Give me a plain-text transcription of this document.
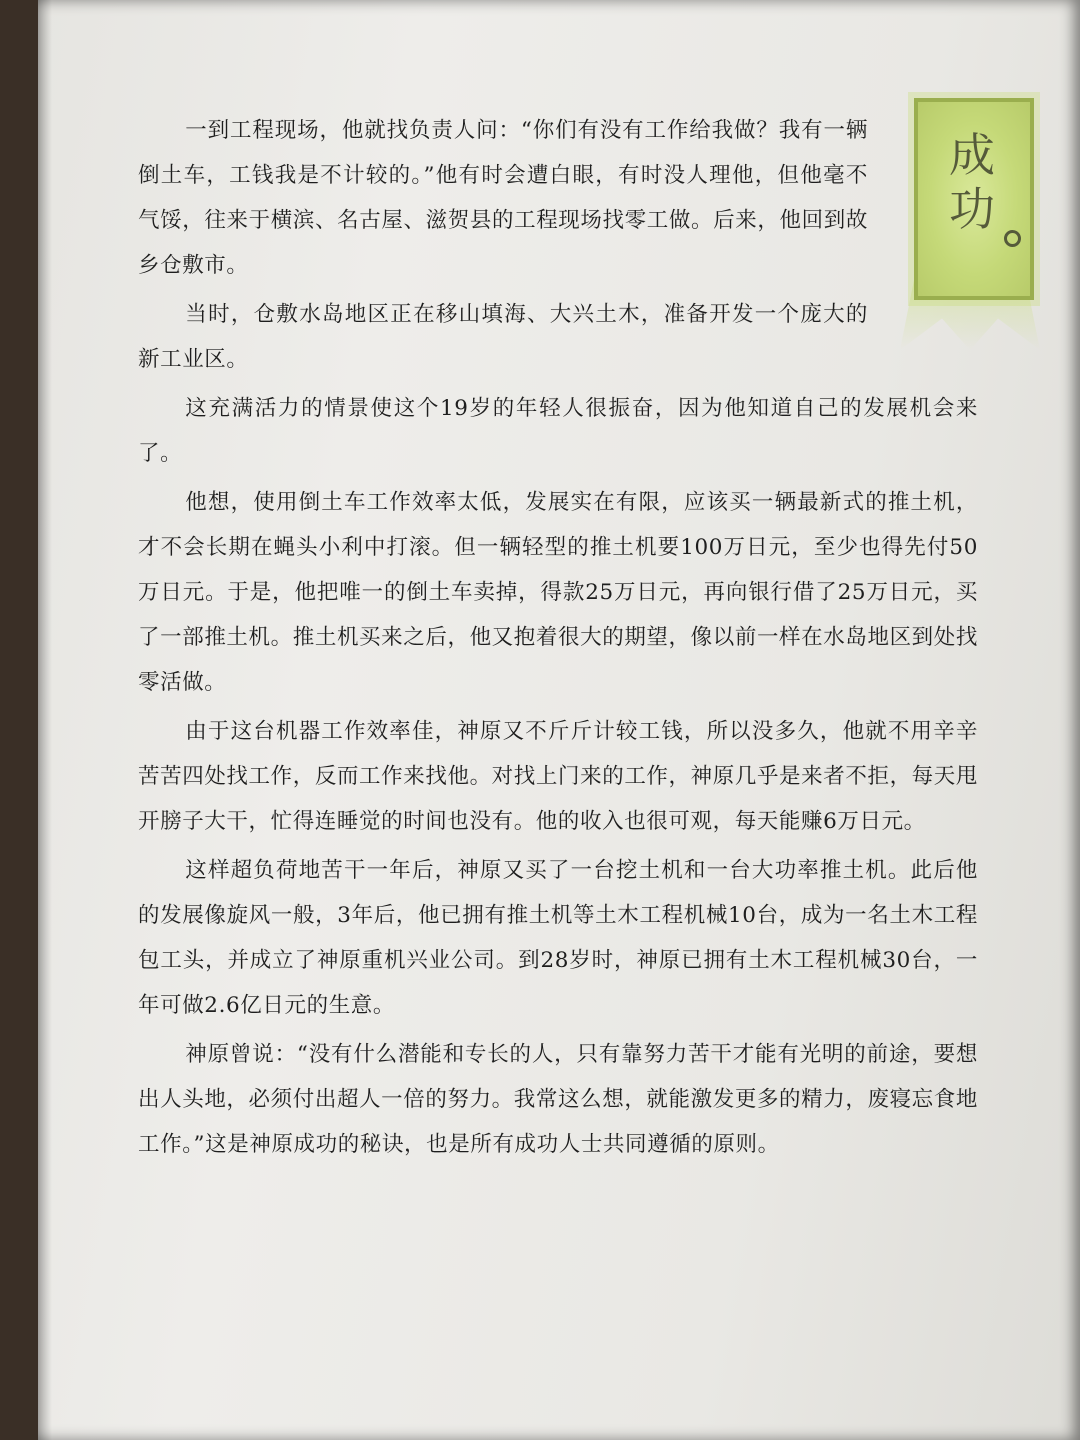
成
功

一到工程现场，他就找负责人问：“你们有没有工作给我做？我有一辆倒土车，工钱我是不计较的。”他有时会遭白眼，有时没人理他，但他毫不气馁，往来于横滨、名古屋、滋贺县的工程现场找零工做。后来，他回到故乡仓敷市。

当时，仓敷水岛地区正在移山填海、大兴土木，准备开发一个庞大的新工业区。

这充满活力的情景使这个19岁的年轻人很振奋，因为他知道自己的发展机会来了。

他想，使用倒土车工作效率太低，发展实在有限，应该买一辆最新式的推土机，才不会长期在蝇头小利中打滚。但一辆轻型的推土机要100万日元，至少也得先付50万日元。于是，他把唯一的倒土车卖掉，得款25万日元，再向银行借了25万日元，买了一部推土机。推土机买来之后，他又抱着很大的期望，像以前一样在水岛地区到处找零活做。

由于这台机器工作效率佳，神原又不斤斤计较工钱，所以没多久，他就不用辛辛苦苦四处找工作，反而工作来找他。对找上门来的工作，神原几乎是来者不拒，每天甩开膀子大干，忙得连睡觉的时间也没有。他的收入也很可观，每天能赚6万日元。

这样超负荷地苦干一年后，神原又买了一台挖土机和一台大功率推土机。此后他的发展像旋风一般，3年后，他已拥有推土机等土木工程机械10台，成为一名土木工程包工头，并成立了神原重机兴业公司。到28岁时，神原已拥有土木工程机械30台，一年可做2.6亿日元的生意。

神原曾说：“没有什么潜能和专长的人，只有靠努力苦干才能有光明的前途，要想出人头地，必须付出超人一倍的努力。我常这么想，就能激发更多的精力，废寝忘食地工作。”这是神原成功的秘诀，也是所有成功人士共同遵循的原则。
